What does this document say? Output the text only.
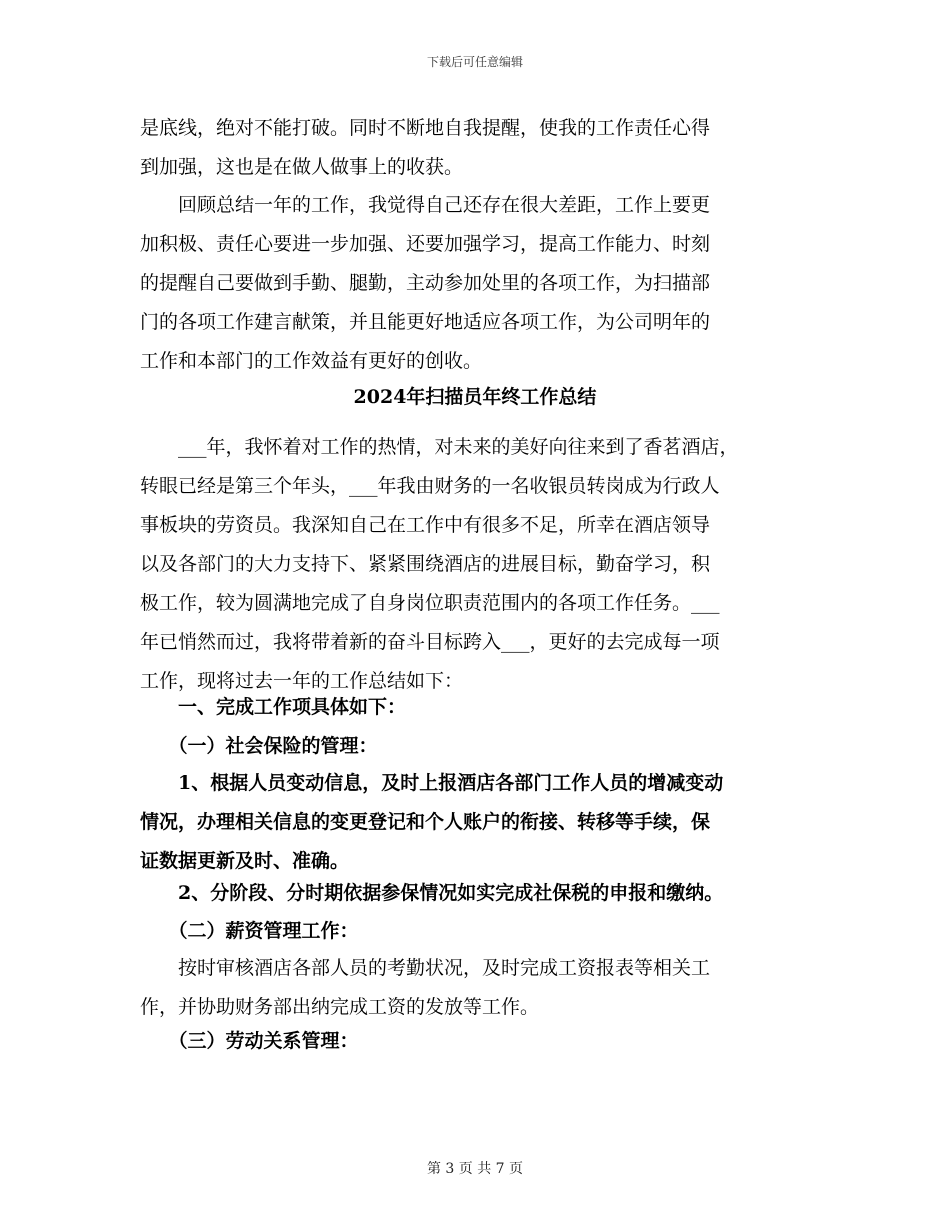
下载后可任意编辑
是底线，绝对不能打破。同时不断地自我提醒，使我的工作责任心得
到加强，这也是在做人做事上的收获。
　　回顾总结一年的工作，我觉得自己还存在很大差距，工作上要更
加积极、责任心要进一步加强、还要加强学习，提高工作能力、时刻
的提醒自己要做到手勤、腿勤，主动参加处里的各项工作，为扫描部
门的各项工作建言献策，并且能更好地适应各项工作，为公司明年的
工作和本部门的工作效益有更好的创收。
2024年扫描员年终工作总结
　　___年，我怀着对工作的热情，对未来的美好向往来到了香茗酒店，
转眼已经是第三个年头，___年我由财务的一名收银员转岗成为行政人
事板块的劳资员。我深知自己在工作中有很多不足，所幸在酒店领导
以及各部门的大力支持下、紧紧围绕酒店的进展目标，勤奋学习，积
极工作，较为圆满地完成了自身岗位职责范围内的各项工作任务。___
年已悄然而过，我将带着新的奋斗目标跨入___，更好的去完成每一项
工作，现将过去一年的工作总结如下：
　　一、完成工作项具体如下：
　　（一）社会保险的管理：
　　1、根据人员变动信息，及时上报酒店各部门工作人员的增减变动
情况，办理相关信息的变更登记和个人账户的衔接、转移等手续，保
证数据更新及时、准确。
　　2、分阶段、分时期依据参保情况如实完成社保税的申报和缴纳。
　　（二）薪资管理工作：
　　按时审核酒店各部人员的考勤状况，及时完成工资报表等相关工
作，并协助财务部出纳完成工资的发放等工作。
　　（三）劳动关系管理：
第 3 页 共 7 页
